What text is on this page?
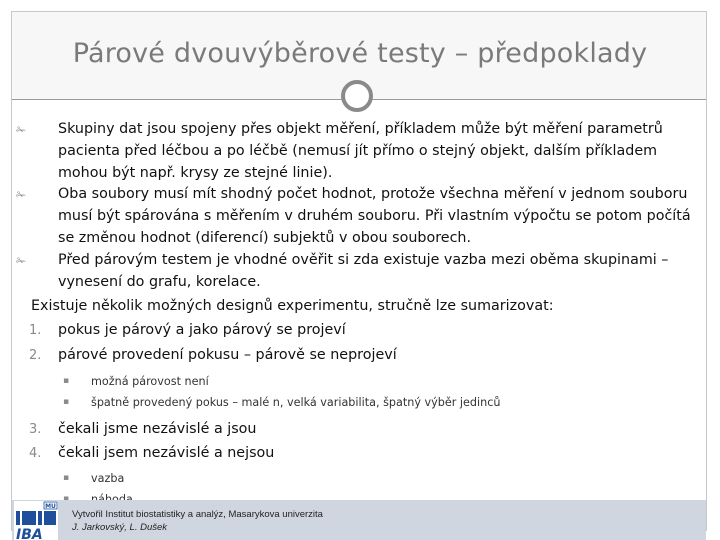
Párové dvouvýběrové testy – předpoklady
✁ Skupiny dat jsou spojeny přes objekt měření, příkladem může být měření parametrů pacienta před léčbou a po léčbě (nemusí jít přímo o stejný objekt, dalším příkladem mohou být např. krysy ze stejné linie).
✁ Oba soubory musí mít shodný počet hodnot, protože všechna měření v jednom souboru musí být spárována s měřením v druhém souboru. Při vlastním výpočtu se potom počítá se změnou hodnot (diferencí) subjektů v obou souborech.
✁ Před párovým testem je vhodné ověřit si zda existuje vazba mezi oběma skupinami – vynesení do grafu, korelace.
Existuje několik možných designů experimentu, stručně lze sumarizovat:
1. pokus je párový a jako párový se projeví
2. párové provedení pokusu – párově se neprojeví
▪ možná párovost není
▪ špatně provedený pokus – malé n, velká variabilita, špatný výběr jedinců
3. čekali jsme nezávislé a jsou
4. čekali jsem nezávislé a nejsou
▪ vazba
MU
IBA
Vytvořil Institut biostatistiky a analýz, Masarykova univerzita
J. Jarkovský, L. Dušek
